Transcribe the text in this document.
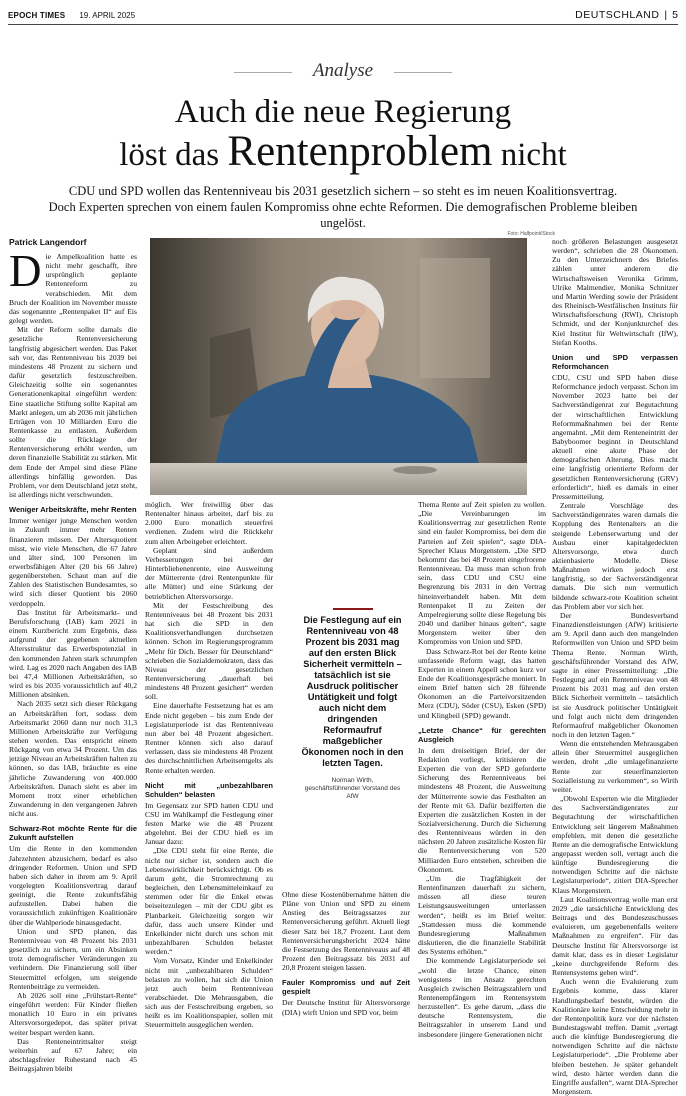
EPOCH TIMES 19. APRIL 2025	DEUTSCHLAND | 5
Analyse
Auch die neue Regierung
löst das Rentenproblem nicht
CDU und SPD wollen das Rentenniveau bis 2031 gesetzlich sichern – so steht es im neuen Koalitionsvertrag.
Doch Experten sprechen von einem faulen Kompromiss ohne echte Reformen. Die demografischen Probleme bleiben ungelöst.
Foto: Halfpoint/iStock
Patrick Langendorf

Die Ampelkoalition hatte es nicht mehr geschafft, ihre ursprünglich geplante Rentenreform zu verabschieden. Mit dem Bruch der Koalition im November musste das sogenannte „Rentenpaket II“ auf Eis gelegt werden.

Mit der Reform sollte damals die gesetzliche Rentenversicherung langfristig abgesichert werden. Das Paket sah vor, das Rentenniveau bis 2039 bei mindestens 48 Prozent zu sichern und dafür gesetzlich festzuschreiben. Gleichzeitig sollte ein sogenanntes Generationenkapital eingeführt werden: Eine staatliche Stiftung sollte Kapital am Markt anlegen, um ab 2036 mit jährlichen Erträgen von 10 Milliarden Euro die Rentenkasse zu entlasten. Außerdem sollte die Rücklage der Rentenversicherung erhöht werden, um deren finanzielle Stabilität zu stärken. Mit dem Ende der Ampel sind diese Pläne allerdings hinfällig geworden. Das Problem, vor dem Deutschland jetzt steht, ist allerdings nicht verschwunden.

Weniger Arbeitskräfte, mehr Renten

Immer weniger junge Menschen werden in Zukunft immer mehr Renten finanzieren müssen. Der Altersquotient misst, wie viele Menschen, die 67 Jahre und älter sind, 100 Personen im erwerbsfähigen Alter (20 bis 66 Jahre) gegenüberstehen. Schaut man auf die Zahlen des Statistischen Bundesamtes, so wird sich dieser Quotient bis 2060 verdoppeln.

Das Institut für Arbeitsmarkt- und Berufsforschung (IAB) kam 2021 in einem Kurzbericht zum Ergebnis, dass aufgrund der gegebenen aktuellen Altersstruktur das Erwerbspotenzial in den kommenden Jahren stark schrumpfen wird. Lag es 2020 nach Angaben des IAB bei 47,4 Millionen Arbeitskräften, so wird es bis 2035 voraussichtlich auf 40,2 Millionen absinken.

Nach 2035 setzt sich dieser Rückgang an Arbeitskräften fort, sodass dem Arbeitsmarkt 2060 dann nur noch 31,3 Millionen Arbeitskräfte zur Verfügung stehen werden. Das entspricht einem Rückgang von etwa 34 Prozent. Um das jetzige Niveau an Arbeitskräften halten zu können, so das IAB, bräuchte es eine jährliche Zuwanderung von 400.000 Arbeitskräften. Danach sieht es aber im Moment trotz einer erheblichen Zuwanderung in den vergangenen Jahren nicht aus.

Schwarz-Rot möchte Rente für die Zukunft aufstellen

Um die Rente in den kommenden Jahrzehnten abzusichern, bedarf es also dringender Reformen. Union und SPD haben sich daher in ihrem am 9. April vorgelegten Koalitionsvertrag darauf geeinigt, die Rente zukunftsfähig aufzustellen. Dabei haben die voraussichtlich zukünftigen Koalitionäre über die Wahlperiode hinausgedacht.

Union und SPD planen, das Rentenniveau von 48 Prozent bis 2031 gesetzlich zu sichern, um ein Absinken trotz demografischer Veränderungen zu verhindern. Die Finanzierung soll über Steuermittel erfolgen, um steigende Rentenbeiträge zu vermeiden.

Ab 2026 soll eine „Frühstart-Rente“ eingeführt werden: Für Kinder fließen monatlich 10 Euro in ein privates Altersvorsorgedepot, das später privat weiter bespart werden kann.

Das Renteneintrittsalter steigt weiterhin auf 67 Jahre; ein abschlagsfreier Ruhestand nach 45 Beitragsjahren bleibt

möglich. Wer freiwillig über das Rentenalter hinaus arbeitet, darf bis zu 2.000 Euro monatlich steuerfrei verdienen. Zudem wird die Rückkehr zum alten Arbeitgeber erleichtert.

Geplant sind außerdem Verbesserungen bei der Hinterbliebenenrente, eine Ausweitung der Mütterrente (drei Rentenpunkte für alle Mütter) und eine Stärkung der betrieblichen Altersvorsorge.

Mit der Festschreibung des Rentenniveaus bei 48 Prozent bis 2031 hat sich die SPD in den Koalitionsverhandlungen durchsetzen können. Schon im Regierungsprogramm „Mehr für Dich. Besser für Deutschland“ schrieben die Sozialdemokraten, dass das Niveau der gesetzlichen Rentenversicherung „dauerhaft bei mindestens 48 Prozent gesichert“ werden soll.

Eine dauerhafte Festsetzung hat es am Ende nicht gegeben – bis zum Ende der Legislaturperiode ist das Rentenniveau nun aber bei 48 Prozent abgesichert. Rentner können sich also darauf verlassen, dass sie mindestens 48 Prozent des durchschnittlichen Arbeitsentgelts als Rente erhalten werden.

Nicht mit „unbezahlbaren Schulden“ belasten

Im Gegensatz zur SPD hatten CDU und CSU im Wahlkampf die Festlegung einer festen Marke wie die 48 Prozent abgelehnt. Bei der CDU hieß es im Januar dazu:

„Die CDU steht für eine Rente, die nicht nur sicher ist, sondern auch die Lebenswirklichkeit berücksichtigt. Ob es darum geht, die Stromrechnung zu begleichen, den Lebensmitteleinkauf zu stemmen oder für die Enkel etwas beiseitezulegen – mit der CDU gibt es Planbarkeit. Gleichzeitig sorgen wir dafür, dass auch unsere Kinder und Enkelkinder nicht durch uns schon mit unbezahlbaren Schulden belastet werden.“

Vom Vorsatz, Kinder und Enkelkinder nicht mit „unbezahlbaren Schulden“ belasten zu wollen, hat sich die Union jetzt auch beim Rentenniveau verabschiedet. Die Mehrausgaben, die sich aus der Festschreibung ergeben, so heißt es im Koalitionspapier, sollen mit Steuermitteln ausgeglichen werden.

Die Festlegung auf ein Rentenniveau von 48 Prozent bis 2031 mag auf den ersten Blick Sicherheit vermitteln – tatsächlich ist sie Ausdruck politischer Untätigkeit und folgt auch nicht dem dringenden Reformaufruf maßgeblicher Ökonomen noch in den letzten Tagen.
Norman Wirth,
geschäftsführender Vorstand des AfW

Ohne diese Kostenübernahme hätten die Pläne von Union und SPD zu einem Anstieg des Beitragssatzes zur Rentenversicherung geführt. Aktuell liegt dieser Satz bei 18,7 Prozent. Laut dem Rentenversicherungsbericht 2024 hätte die Festsetzung des Rentenniveaus auf 48 Prozent den Beitragssatz bis 2031 auf 20,8 Prozent steigen lassen.

Fauler Kompromiss und auf Zeit gespielt

Der Deutsche Institut für Altersvorsorge (DIA) wirft Union und SPD vor, beim

Thema Rente auf Zeit spielen zu wollen. „Die Vereinbarungen im Koalitionsvertrag zur gesetzlichen Rente sind ein fauler Kompromiss, bei dem die Parteien auf Zeit spielen“, sagte DIA-Sprecher Klaus Morgenstern. „Die SPD bekommt das bei 48 Prozent eingefrorene Rentenniveau. Da muss man schon froh sein, dass CDU und CSU eine Begrenzung bis 2031 in den Vertrag hineinverhandelt haben. Mit dem Rentenpaket II zu Zeiten der Ampelregierung sollte diese Regelung bis 2040 und darüber hinaus gelten“, sagte Morgenstern weiter über den Kompromiss von Union und SPD.

Dass Schwarz-Rot bei der Rente keine umfassende Reform wagt, das hatten Experten in einem Appell schon kurz vor Ende der Koalitionsgespräche moniert. In einem Brief hatten sich 28 führende Ökonomen an die Parteivorsitzenden Merz (CDU), Söder (CSU), Esken (SPD) und Klingbeil (SPD) gewandt.

„Letzte Chance“ für gerechten Ausgleich

In dem dreiseitigen Brief, der der Redaktion vorliegt, kritisieren die Experten die von der SPD geforderte Sicherung des Rentenniveaus bei mindestens 48 Prozent, die Ausweitung der Mütterrente sowie das Festhalten an der Rente mit 63. Dafür bezifferten die Experten die zusätzlichen Kosten in der Sozialversicherung. Durch die Sicherung des Rentenniveaus würden in den nächsten 20 Jahren zusätzliche Kosten für die Rentenversicherung von 520 Milliarden Euro entstehen, schreiben die Ökonomen.

„Um die Tragfähigkeit der Rentenfinanzen dauerhaft zu sichern, müssen all diese teuren Leistungsausweitungen unterlassen werden“, heißt es im Brief weiter. „Stattdessen muss die kommende Bundesregierung Maßnahmen diskutieren, die die finanzielle Stabilität des Systems erhöhen.“

Die kommende Legislaturperiode sei „wohl die letzte Chance, einen wenigstens im Ansatz gerechten Ausgleich zwischen Beitragszahlern und Rentenempfängern im Rentensystem herzustellen“. Es gehe darum, „dass die deutsche Rentensystem, die Beitragszahler in unserem Land und insbesondere jüngere Generationen nicht

noch größeren Belastungen ausgesetzt werden“, schrieben die 28 Ökonomen. Zu den Unterzeichnern des Briefes zählen unter anderem die Wirtschaftsweisen Veronika Grimm, Ulrike Malmendier, Monika Schnitzer und Martin Werding sowie der Präsident des Rheinisch-Westfälischen Instituts für Wirtschaftsforschung (RWI), Christoph Schmidt, und der Konjunkturchef des Kiel Institut für Weltwirtschaft (IfW), Stefan Kooths.

Union und SPD verpassen Reformchancen

CDU, CSU und SPD haben diese Reformchance jedoch verpasst. Schon im November 2023 hatte bei der Sachverständigenrat zur Begutachtung der wirtschaftlichen Entwicklung Reformmaßnahmen bei der Rente angemahnt. „Mit dem Renteneintritt der Babyboomer beginnt in Deutschland aktuell eine akute Phase der demografischen Alterung. Dies macht eine langfristig orientierte Reform der gesetzlichen Rentenversicherung (GRV) erforderlich“, hieß es damals in einer Pressemitteilung.

Zentrale Vorschläge des Sachverständigenrates waren damals die Kopplung des Rentenalters an die steigende Lebenserwartung und der Ausbau einer kapitalgedeckten Altersvorsorge, etwa durch aktienbasierte Modelle. Diese Maßnahmen wirken jedoch erst langfristig, so der Sachverständigenrat damals. Die sich nun vermutlich bildende schwarz-rote Koalition scheint das Problem aber vor sich her.

Der Bundesverband Finanzdienstleistungen (AfW) kritisierte am 9. April dann auch den mangelnden Reformwillen von Union und SPD beim Thema Rente. Norman Wirth, geschäftsführender Vorstand des AfW, sagte in einer Pressemitteilung: „Die Festlegung auf ein Rentenniveau von 48 Prozent bis 2031 mag auf den ersten Blick Sicherheit vermitteln – tatsächlich ist sie Ausdruck politischer Untätigkeit und folgt auch nicht dem dringenden Reformaufruf maßgeblicher Ökonomen noch in den letzten Tagen.“

Wenn die entstehenden Mehrausgaben allein über Steuermittel ausgeglichen werden, droht „die umlagefinanzierte Rente zur steuerfinanzierten Sozialleistung zu verkommen“, so Wirth weiter.

„Obwohl Experten wie die Mitglieder des Sachverständigenrates zur Begutachtung der wirtschaftlichen Entwicklung seit längerem Maßnahmen empfehlen, mit denen die gesetzliche Rente an die demografische Entwicklung angepasst werden soll, vertagt auch die künftige Bundesregierung die notwendigen Schritte auf die nächste Legislaturperiode“, zitiert DIA-Sprecher Klaus Morgenstern.

Laut Koalitionsvertrag wolle man erst 2029 „die tatsächliche Entwicklung des Beitrags und des Bundeszuschusses evaluieren, um gegebenenfalls weitere Maßnahmen zu ergreifen“. Für das Deutsche Institut für Altersvorsorge ist damit klar, dass es in dieser Legislatur „keine durchgreifende Reform des Rentensystems geben wird“.

Auch wenn die Evaluierung zum Ergebnis komme, dass klarer Handlungsbedarf besteht, würden die Koalitionäre keine Entscheidung mehr in der Rentenpolitik kurz vor der nächsten Bundestagswahl treffen. Damit „vertagt auch die künftige Bundesregierung die notwendigen Schritte auf die nächste Legislaturperiode“. „Die Probleme aber bleiben bestehen. Je später gehandelt wird, desto härter werden dann die Eingriffe ausfallen“, warnt DIA-Sprecher Morgenstern.
